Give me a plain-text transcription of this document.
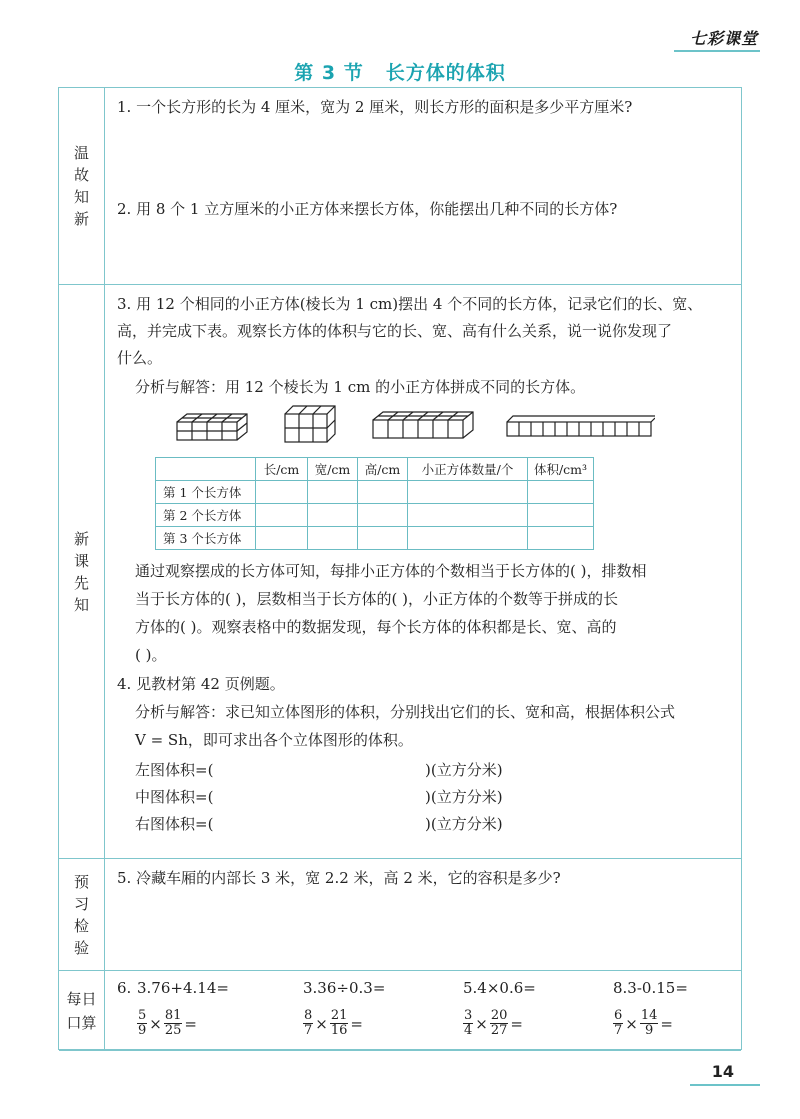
七彩课堂
第 3 节 长方体的体积
温故知新
1. 一个长方形的长为 4 厘米，宽为 2 厘米，则长方形的面积是多少平方厘米?
2. 用 8 个 1 立方厘米的小正方体来摆长方体，你能摆出几种不同的长方体?
新课先知
3. 用 12 个相同的小正方体(棱长为 1 cm)摆出 4 个不同的长方体，记录它们的长、宽、
高，并完成下表。观察长方体的体积与它的长、宽、高有什么关系，说一说你发现了
什么。
分析与解答：用 12 个棱长为 1 cm 的小正方体拼成不同的长方体。
预习检验
5. 冷藏车厢的内部长 3 米，宽 2.2 米，高 2 米，它的容积是多少?
每日口算
6. 3.76+4.14=	3.36÷0.3=	5.4×0.6=	8.3-0.15=
$\frac{5}{9} \times \frac{81}{25}$ =	$\frac{8}{7} \times \frac{21}{16}$ =	$\frac{3}{4} \times \frac{20}{27}$ =	$\frac{6}{7} \times \frac{14}{9}$ =
	长/cm	宽/cm	高/cm	小正方体数量/个	体积/cm³
第 1 个长方体					
第 2 个长方体					
第 3 个长方体					
通过观察摆成的长方体可知，每排小正方体的个数相当于长方体的( )，排数相
当于长方体的( )，层数相当于长方体的( )，小正方体的个数等于拼成的长
方体的( )。观察表格中的数据发现，每个长方体的体积都是长、宽、高的
( )。
4. 见教材第 42 页例题。
分析与解答：求已知立体图形的体积，分别找出它们的长、宽和高，根据体积公式
V = Sh，即可求出各个立体图形的体积。
左图体积=(	)(立方分米)
中图体积=(	)(立方分米)
右图体积=(	)(立方分米)
14
